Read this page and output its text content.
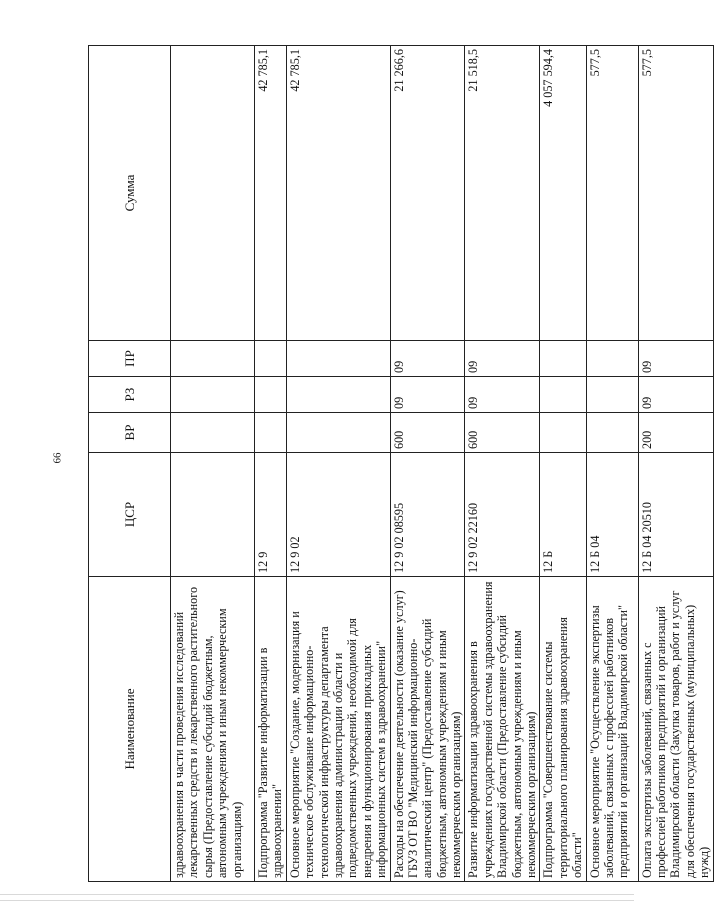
66
Наименование	ЦСР	ВР	РЗ	ПР	Сумма
здравоохранения в части проведения исследований лекарственных средств и лекарственного растительного сырья (Предоставление субсидий бюджетным, автономным учреждениям и иным некоммерческим организациям)					
Подпрограмма "Развитие информатизации в здравоохранении"	12 9				42 785,1
Основное мероприятие "Создание, модернизация и техническое обслуживание информационно-технологической инфраструктуры департамента здравоохранения администрации области и подведомственных учреждений, необходимой для внедрения и функционирования прикладных информационных систем в здравоохранении"	12 9 02				42 785,1
Расходы на обеспечение деятельности (оказание услуг) ГБУЗ ОТ ВО "Медицинский информационно-аналитический центр" (Предоставление субсидий бюджетным, автономным учреждениям и иным некоммерческим организациям)	12 9 02 08595	600	09	09	21 266,6
Развитие информатизации здравоохранения в учреждениях государственной системы здравоохранения Владимирской области (Предоставление субсидий бюджетным, автономным учреждениям и иным некоммерческим организациям)	12 9 02 22160	600	09	09	21 518,5
Подпрограмма "Совершенствование системы территориального планирования здравоохранения области"	12 Б				4 057 594,4
Основное мероприятие "Осуществление экспертизы заболеваний, связанных с профессией работников предприятий и организаций Владимирской области"	12 Б 04				577,5
Оплата экспертизы заболеваний, связанных с профессией работников предприятий и организаций Владимирской области (Закупка товаров, работ и услуг для обеспечения государственных (муниципальных) нужд)	12 Б 04 20510	200	09	09	577,5
